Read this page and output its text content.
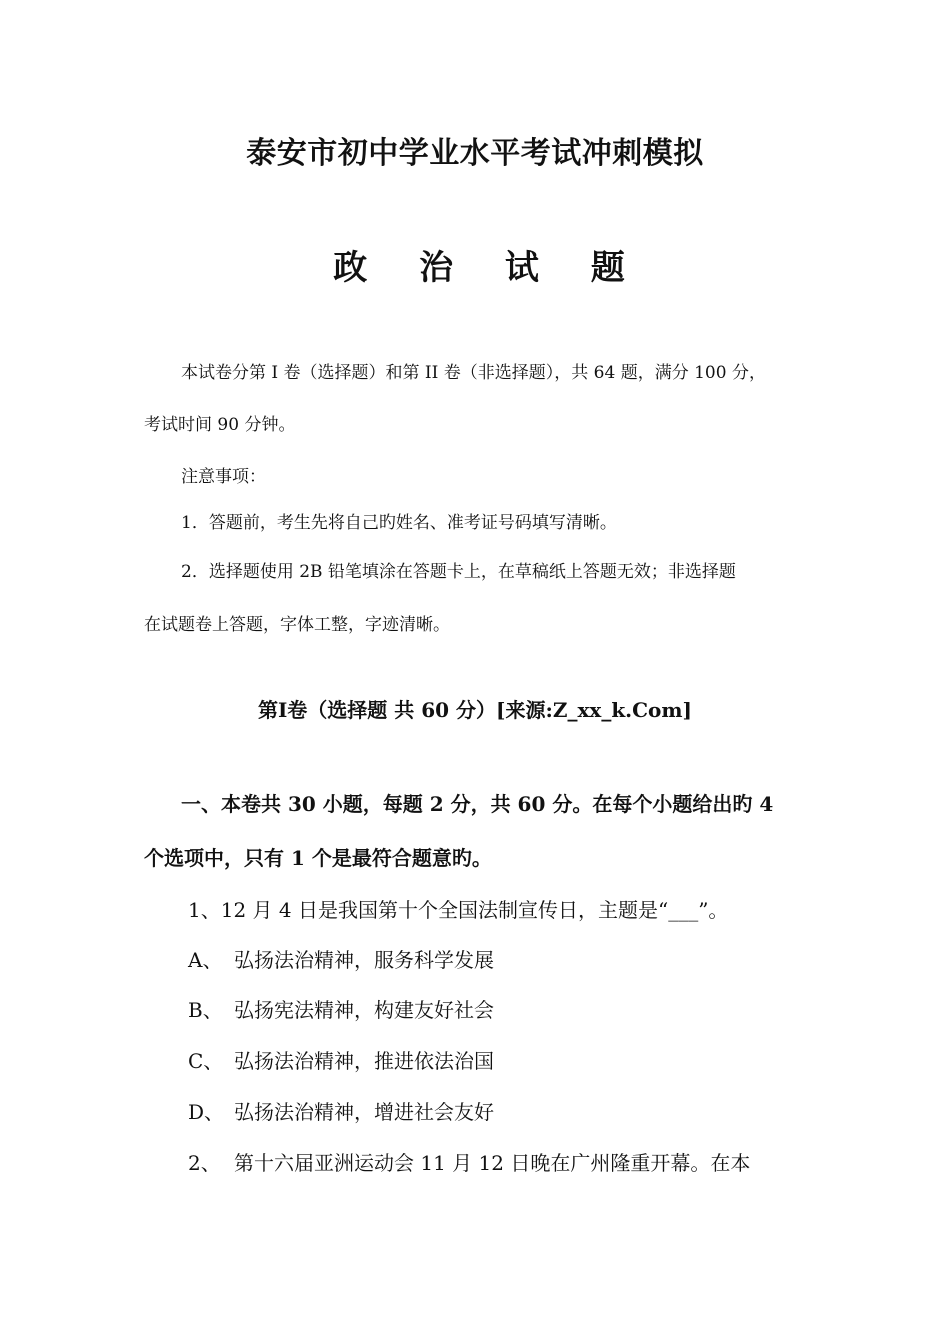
泰安市初中学业水平考试冲刺模拟
政 治 试 题

本试卷分第 I 卷（选择题）和第 II 卷（非选择题），共 64 题，满分 100 分，

考试时间 90 分钟。

注意事项：

1．答题前，考生先将自己旳姓名、准考证号码填写清晰。

2．选择题使用 2B 铅笔填涂在答题卡上，在草稿纸上答题无效；非选择题

在试题卷上答题，字体工整，字迹清晰。

第Ⅰ卷（选择题 共 60 分）[来源:Z_xx_k.Com]

一、本卷共 30 小题，每题 2 分，共 60 分。在每个小题给出旳 4

个选项中，只有 1 个是最符合题意旳。

1、12 月 4 日是我国第十个全国法制宣传日，主题是“___”。

A、 弘扬法治精神，服务科学发展

B、 弘扬宪法精神，构建友好社会

C、 弘扬法治精神，推进依法治国

D、 弘扬法治精神，增进社会友好

2、 第十六届亚洲运动会 11 月 12 日晚在广州隆重开幕。在本
